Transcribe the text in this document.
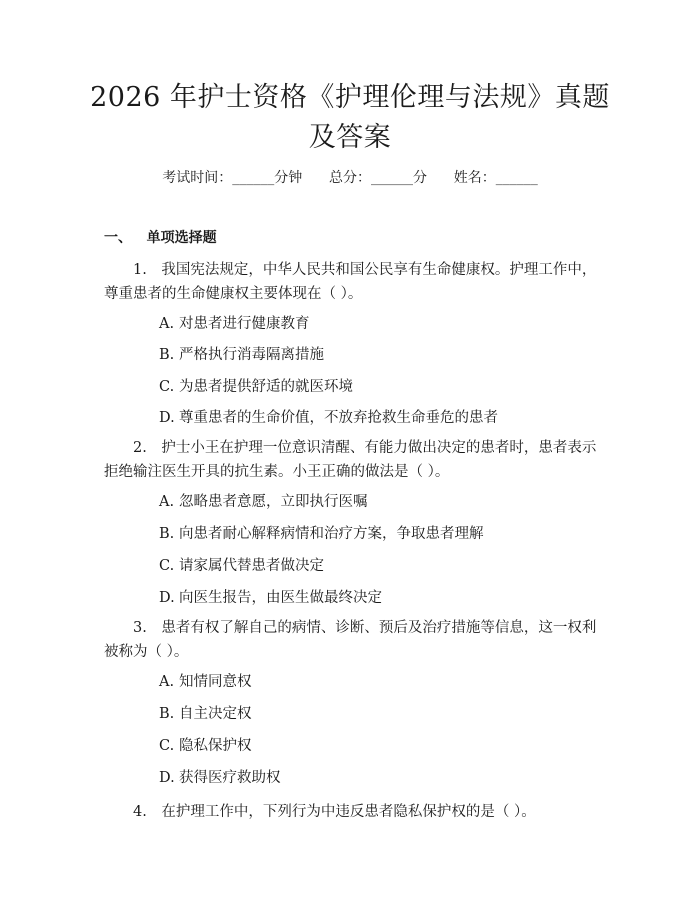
2026 年护士资格《护理伦理与法规》真题及答案
考试时间：______分钟 总分：______分 姓名：______
一、 单项选择题

1.　我国宪法规定，中华人民共和国公民享有生命健康权。护理工作中，尊重患者的生命健康权主要体现在（ ）。

A. 对患者进行健康教育
B. 严格执行消毒隔离措施
C. 为患者提供舒适的就医环境
D. 尊重患者的生命价值，不放弃抢救生命垂危的患者

2.　护士小王在护理一位意识清醒、有能力做出决定的患者时，患者表示拒绝输注医生开具的抗生素。小王正确的做法是（ ）。

A. 忽略患者意愿，立即执行医嘱
B. 向患者耐心解释病情和治疗方案，争取患者理解
C. 请家属代替患者做决定
D. 向医生报告，由医生做最终决定

3.　患者有权了解自己的病情、诊断、预后及治疗措施等信息，这一权利被称为（ ）。

A. 知情同意权
B. 自主决定权
C. 隐私保护权
D. 获得医疗救助权

4.　在护理工作中，下列行为中违反患者隐私保护权的是（ ）。
